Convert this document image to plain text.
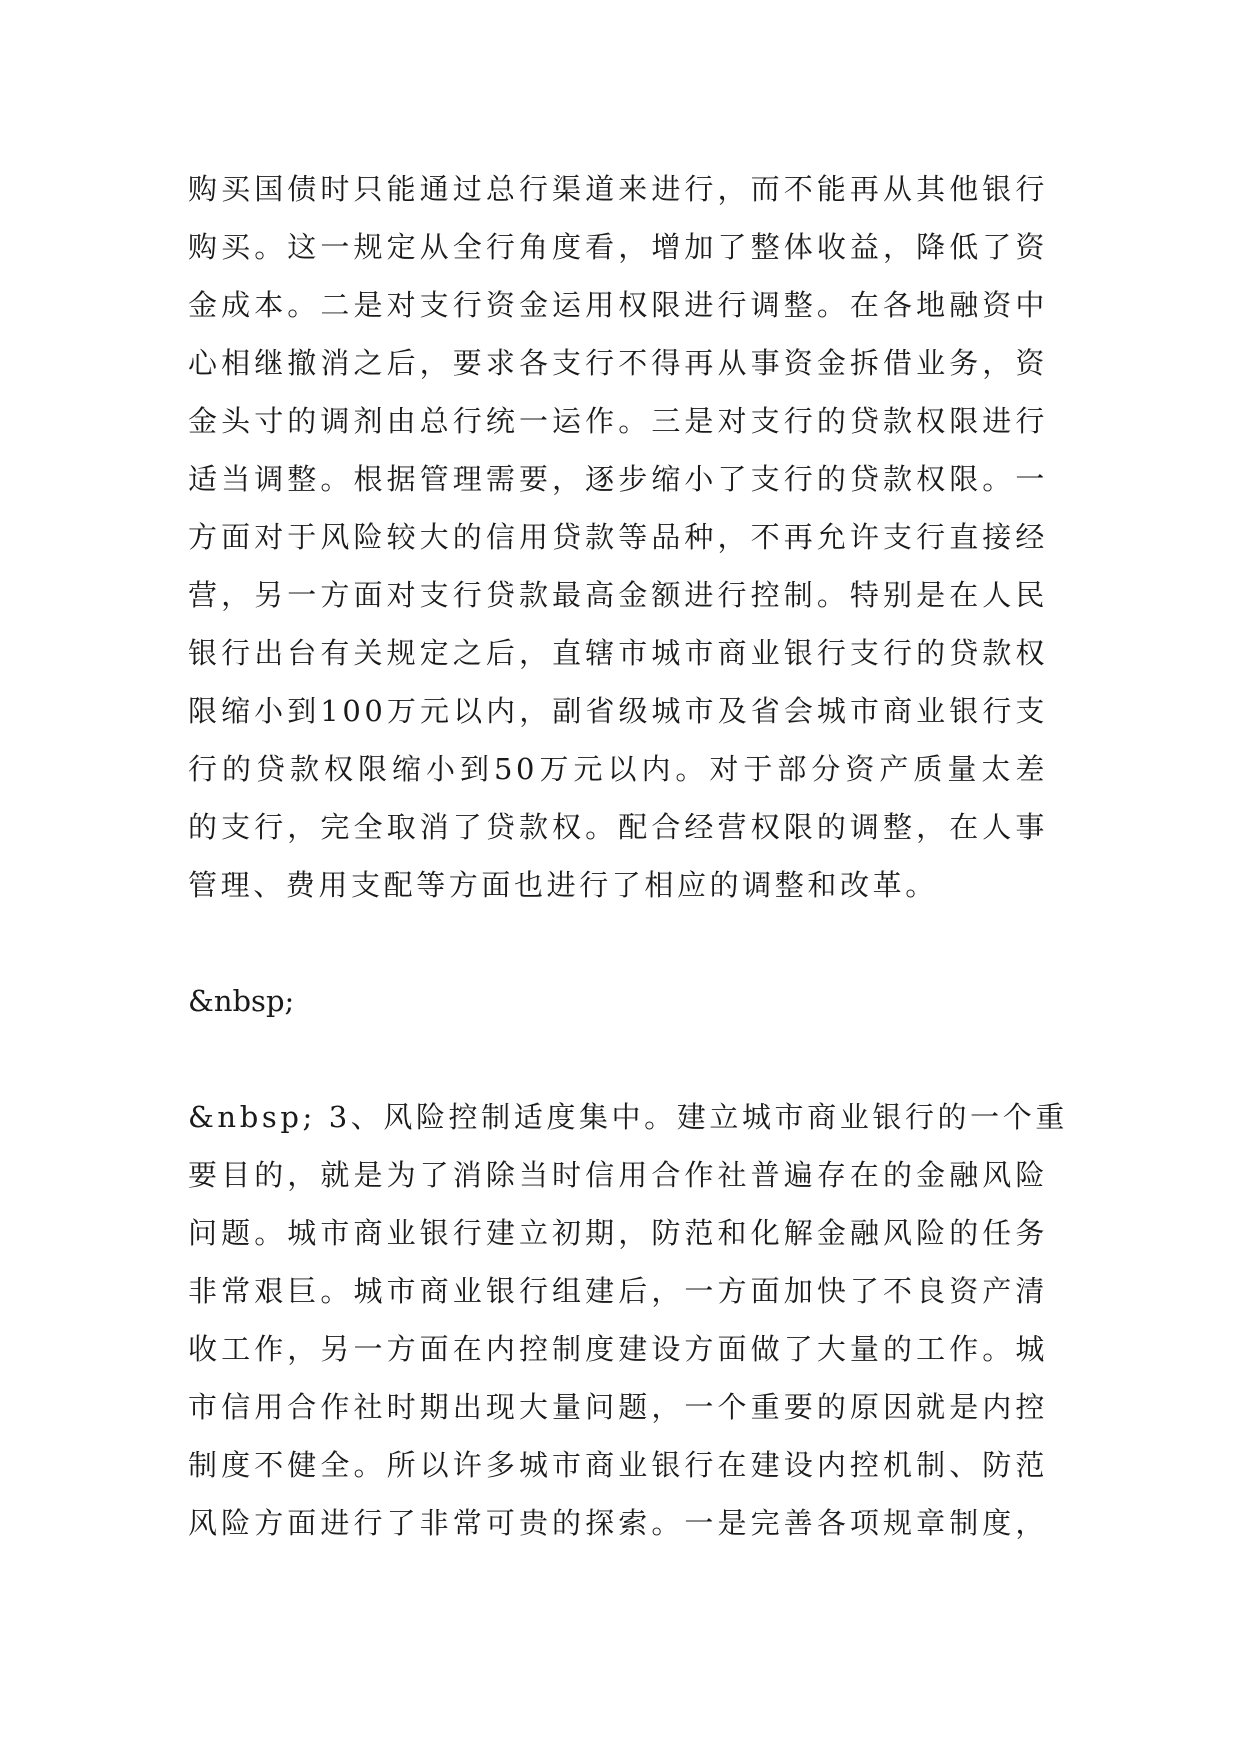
购买国债时只能通过总行渠道来进行，而不能再从其他银行
购买。这一规定从全行角度看，增加了整体收益，降低了资
金成本。二是对支行资金运用权限进行调整。在各地融资中
心相继撤消之后，要求各支行不得再从事资金拆借业务，资
金头寸的调剂由总行统一运作。三是对支行的贷款权限进行
适当调整。根据管理需要，逐步缩小了支行的贷款权限。一
方面对于风险较大的信用贷款等品种，不再允许支行直接经
营，另一方面对支行贷款最高金额进行控制。特别是在人民
银行出台有关规定之后，直辖市城市商业银行支行的贷款权
限缩小到100万元以内，副省级城市及省会城市商业银行支
行的贷款权限缩小到50万元以内。对于部分资产质量太差
的支行，完全取消了贷款权。配合经营权限的调整，在人事
管理、费用支配等方面也进行了相应的调整和改革。
&nbsp;
&nbsp; 3、风险控制适度集中。建立城市商业银行的一个重
要目的，就是为了消除当时信用合作社普遍存在的金融风险
问题。城市商业银行建立初期，防范和化解金融风险的任务
非常艰巨。城市商业银行组建后，一方面加快了不良资产清
收工作，另一方面在内控制度建设方面做了大量的工作。城
市信用合作社时期出现大量问题，一个重要的原因就是内控
制度不健全。所以许多城市商业银行在建设内控机制、防范
风险方面进行了非常可贵的探索。一是完善各项规章制度，
